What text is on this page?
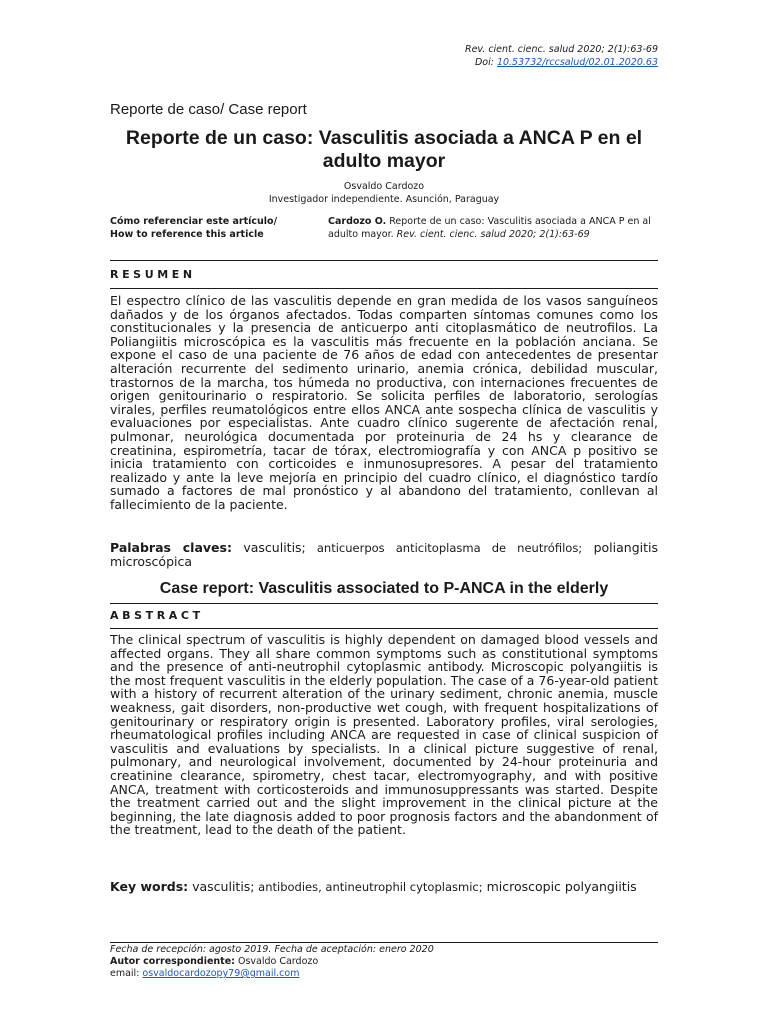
Rev. cient. cienc. salud 2020; 2(1):63-69
Doi: 10.53732/rccsalud/02.01.2020.63
Reporte de caso/ Case report
Reporte de un caso: Vasculitis asociada a ANCA P en el adulto mayor
Osvaldo Cardozo
Investigador independiente. Asunción, Paraguay
Cómo referenciar este artículo/
How to reference this article
Cardozo O. Reporte de un caso: Vasculitis asociada a ANCA P en al adulto mayor. Rev. cient. cienc. salud 2020; 2(1):63-69
RESUMEN

El espectro clínico de las vasculitis depende en gran medida de los vasos sanguíneos dañados y de los órganos afectados. Todas comparten síntomas comunes como los constitucionales y la presencia de anticuerpo anti citoplasmático de neutrofilos. La Poliangiitis microscópica es la vasculitis más frecuente en la población anciana. Se expone el caso de una paciente de 76 años de edad con antecedentes de presentar alteración recurrente del sedimento urinario, anemia crónica, debilidad muscular, trastornos de la marcha, tos húmeda no productiva, con internaciones frecuentes de origen genitourinario o respiratorio. Se solicita perfiles de laboratorio, serologías virales, perfiles reumatológicos entre ellos ANCA ante sospecha clínica de vasculitis y evaluaciones por especialistas. Ante cuadro clínico sugerente de afectación renal, pulmonar, neurológica documentada por proteinuria de 24 hs y clearance de creatinina, espirometría, tacar de tórax, electromiografía y con ANCA p positivo se inicia tratamiento con corticoides e inmunosupresores. A pesar del tratamiento realizado y ante la leve mejoría en principio del cuadro clínico, el diagnóstico tardío sumado a factores de mal pronóstico y al abandono del tratamiento, conllevan al fallecimiento de la paciente.

Palabras claves: vasculitis; anticuerpos anticitoplasma de neutrófilos; poliangitis microscópica
Case report: Vasculitis associated to P-ANCA in the elderly
ABSTRACT

The clinical spectrum of vasculitis is highly dependent on damaged blood vessels and affected organs. They all share common symptoms such as constitutional symptoms and the presence of anti-neutrophil cytoplasmic antibody. Microscopic polyangiitis is the most frequent vasculitis in the elderly population. The case of a 76-year-old patient with a history of recurrent alteration of the urinary sediment, chronic anemia, muscle weakness, gait disorders, non-productive wet cough, with frequent hospitalizations of genitourinary or respiratory origin is presented. Laboratory profiles, viral serologies, rheumatological profiles including ANCA are requested in case of clinical suspicion of vasculitis and evaluations by specialists. In a clinical picture suggestive of renal, pulmonary, and neurological involvement, documented by 24-hour proteinuria and creatinine clearance, spirometry, chest tacar, electromyography, and with positive ANCA, treatment with corticosteroids and immunosuppressants was started. Despite the treatment carried out and the slight improvement in the clinical picture at the beginning, the late diagnosis added to poor prognosis factors and the abandonment of the treatment, lead to the death of the patient.

Key words: vasculitis; antibodies, antineutrophil cytoplasmic; microscopic polyangiitis
Fecha de recepción: agosto 2019. Fecha de aceptación: enero 2020
Autor correspondiente: Osvaldo Cardozo
email: osvaldocardozopy79@gmail.com
